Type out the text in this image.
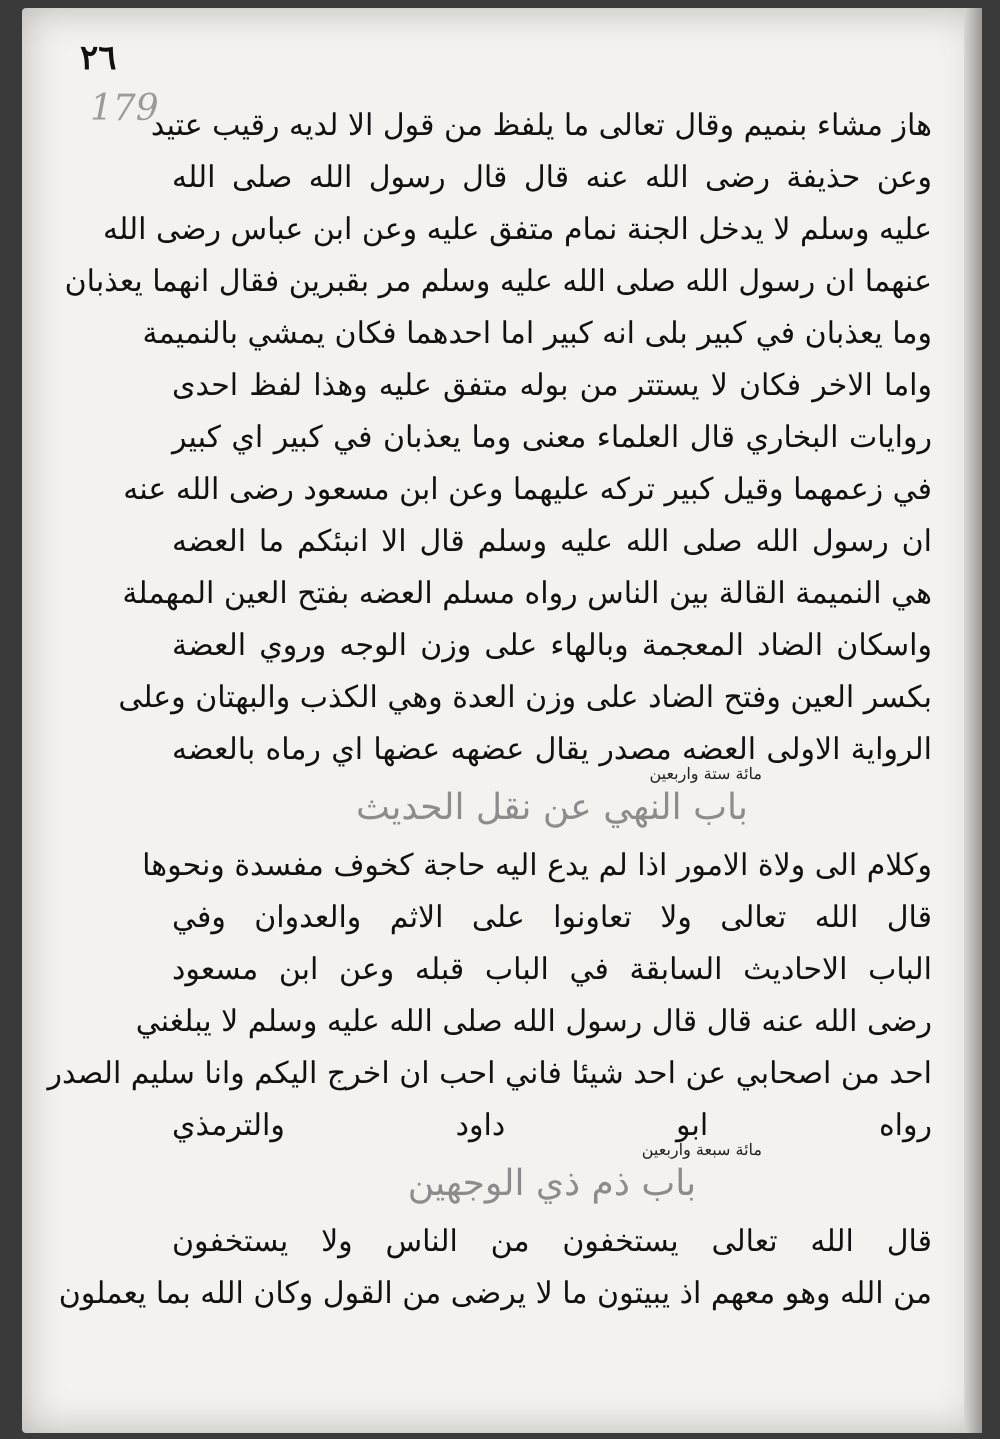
٢٦
179
هاز مشاء بنميم وقال تعالى ما يلفظ من قول الا لديه رقيب عتيد
وعن حذيفة رضى الله عنه قال قال رسول الله صلى الله
عليه وسلم لا يدخل الجنة نمام متفق عليه وعن ابن عباس رضى الله
عنهما ان رسول الله صلى الله عليه وسلم مر بقبرين فقال انهما يعذبان
وما يعذبان في كبير بلى انه كبير اما احدهما فكان يمشي بالنميمة
واما الاخر فكان لا يستتر من بوله متفق عليه وهذا لفظ احدى
روايات البخاري قال العلماء معنى وما يعذبان في كبير اي كبير
في زعمهما وقيل كبير تركه عليهما وعن ابن مسعود رضى الله عنه
ان رسول الله صلى الله عليه وسلم قال الا انبئكم ما العضه
هي النميمة القالة بين الناس رواه مسلم العضه بفتح العين المهملة
واسكان الضاد المعجمة وبالهاء على وزن الوجه وروي العضة
بكسر العين وفتح الضاد على وزن العدة وهي الكذب والبهتان وعلى
الرواية الاولى العضه مصدر يقال عضهه عضها اي رماه بالعضه
مائة ستة واربعين
باب النهي عن نقل الحديث
وكلام الى ولاة الامور اذا لم يدع اليه حاجة كخوف مفسدة ونحوها
قال الله تعالى ولا تعاونوا على الاثم والعدوان وفي
الباب الاحاديث السابقة في الباب قبله وعن ابن مسعود
رضى الله عنه قال قال رسول الله صلى الله عليه وسلم لا يبلغني
احد من اصحابي عن احد شيئا فاني احب ان اخرج اليكم وانا سليم الصدر
رواه ابو داود والترمذي
مائة سبعة واربعين
باب ذم ذي الوجهين
قال الله تعالى يستخفون من الناس ولا يستخفون
من الله وهو معهم اذ يبيتون ما لا يرضى من القول وكان الله بما يعملون
